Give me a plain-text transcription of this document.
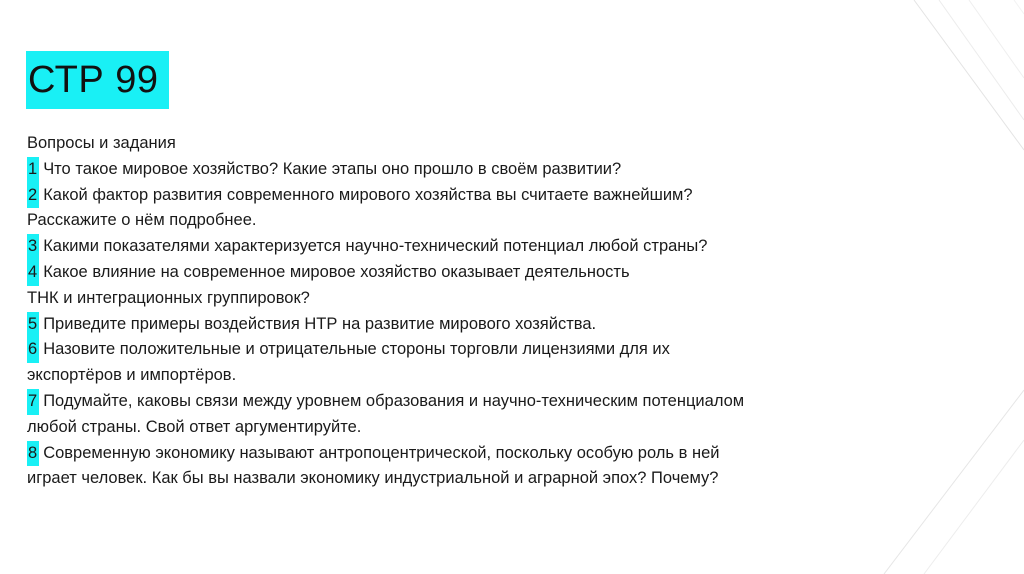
СТР 99
Вопросы и задания
1 Что такое мировое хозяйство? Какие этапы оно прошло в своём развитии?
2 Какой фактор развития современного мирового хозяйства вы считаете важнейшим?
Расскажите о нём подробнее.
3 Какими показателями характеризуется научно-технический потенциал любой страны?
4 Какое влияние на современное мировое хозяйство оказывает деятельность
ТНК и интеграционных группировок?
5 Приведите примеры воздействия НТР на развитие мирового хозяйства.
6 Назовите положительные и отрицательные стороны торговли лицензиями для их
экспортёров и импортёров.
7 Подумайте, каковы связи между уровнем образования и научно-техническим потенциалом
любой страны. Свой ответ аргументируйте.
8 Современную экономику называют антропоцентрической, поскольку особую роль в ней
играет человек. Как бы вы назвали экономику индустриальной и аграрной эпох? Почему?
